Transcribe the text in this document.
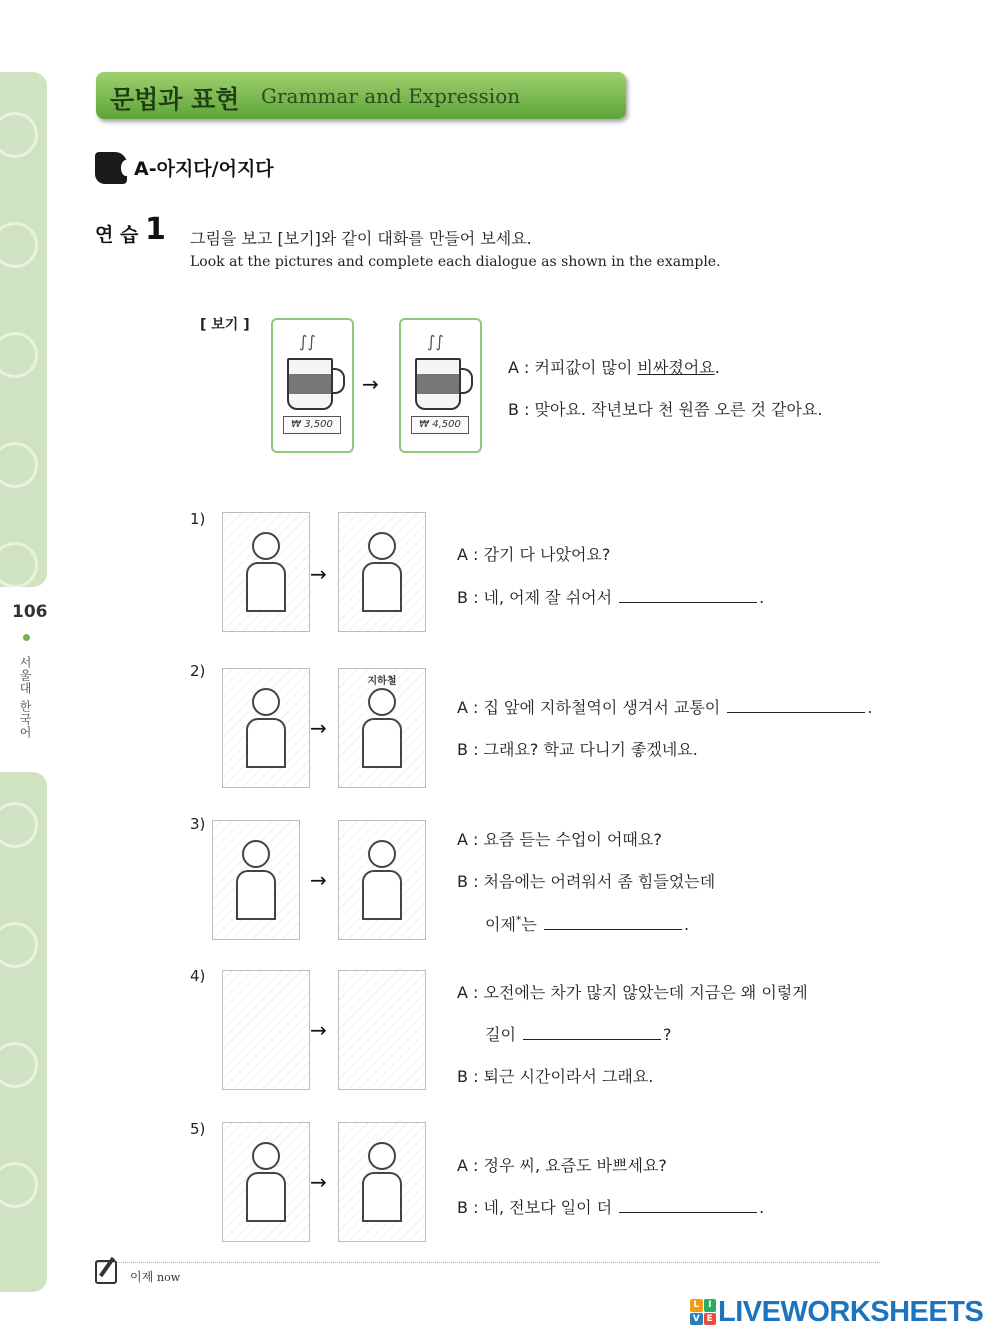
106
서울대 한국어
문법과 표현 Grammar and Expression
A-아지다/어지다
연 습 1 그림을 보고 [보기]와 같이 대화를 만들어 보세요.
Look at the pictures and complete each dialogue as shown in the example.
[ 보기 ]
∫∫
₩ 3,500
→
∫∫
₩ 4,500
A : 커피값이 많이 비싸졌어요.
B : 맞아요. 작년보다 천 원쯤 오른 것 같아요.
1)
→
A : 감기 다 나았어요?
B : 네, 어제 잘 쉬어서	.
2)
→
지하철
A : 집 앞에 지하철역이 생겨서 교통이	.
B : 그래요? 학교 다니기 좋겠네요.
3)
→
A : 요즘 듣는 수업이 어때요?
B : 처음에는 어려워서 좀 힘들었는데
이제*는	.
4)
→
A : 오전에는 차가 많지 않았는데 지금은 왜 이렇게
길이	?
B : 퇴근 시간이라서 그래요.
5)
→
A : 정우 씨, 요즘도 바쁘세요?
B : 네, 전보다 일이 더	.
이제 now
L I
V E LIVEWORKSHEETS
